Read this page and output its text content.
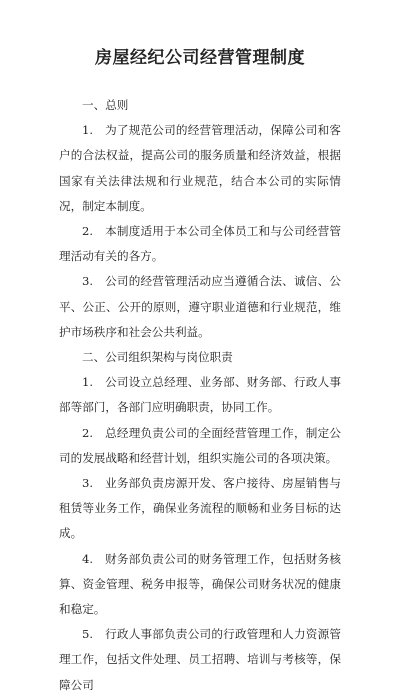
房屋经纪公司经营管理制度

一、总则

1.　为了规范公司的经营管理活动，保障公司和客户的合法权益，提高公司的服务质量和经济效益，根据国家有关法律法规和行业规范，结合本公司的实际情况，制定本制度。

2.　本制度适用于本公司全体员工和与公司经营管理活动有关的各方。

3.　公司的经营管理活动应当遵循合法、诚信、公平、公正、公开的原则，遵守职业道德和行业规范，维护市场秩序和社会公共利益。

二、公司组织架构与岗位职责

1.　公司设立总经理、业务部、财务部、行政人事部等部门，各部门应明确职责，协同工作。

2.　总经理负责公司的全面经营管理工作，制定公司的发展战略和经营计划，组织实施公司的各项决策。

3.　业务部负责房源开发、客户接待、房屋销售与租赁等业务工作，确保业务流程的顺畅和业务目标的达成。

4.　财务部负责公司的财务管理工作，包括财务核算、资金管理、税务申报等，确保公司财务状况的健康和稳定。

5.　行政人事部负责公司的行政管理和人力资源管理工作，包括文件处理、员工招聘、培训与考核等，保障公司
